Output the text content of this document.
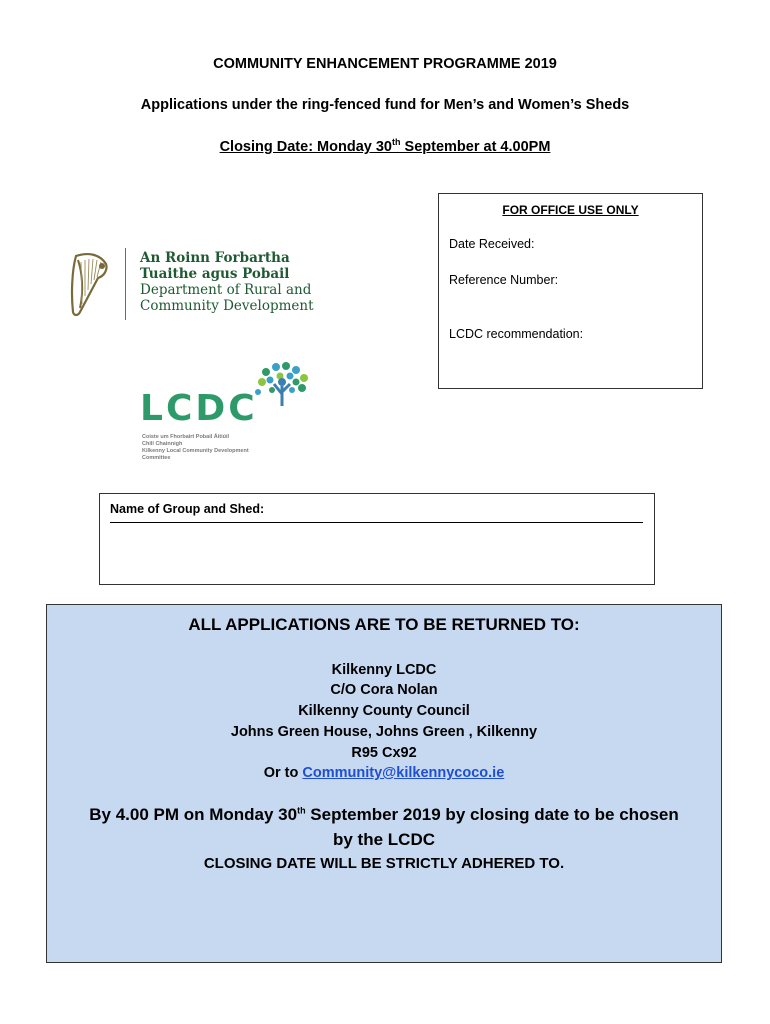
COMMUNITY ENHANCEMENT PROGRAMME 2019
Applications under the ring-fenced fund for Men’s and Women’s Sheds
Closing Date: Monday 30th September at 4.00PM
FOR OFFICE USE ONLY
Date Received:
Reference Number:
LCDC recommendation:
An Roinn Forbartha
Tuaithe agus Pobail
Department of Rural and
Community Development
LCDC
Coiste um Fhorbairt Pobail Áitiúil
Chill Chainnigh
Kilkenny Local Community Development
Committee
Name of Group and Shed:
ALL APPLICATIONS ARE TO BE RETURNED TO:
Kilkenny LCDC
C/O Cora Nolan
Kilkenny County Council
Johns Green House, Johns Green , Kilkenny
R95 Cx92
Or to Community@kilkennycoco.ie
By 4.00 PM on Monday 30th September 2019 by closing date to be chosen
by the LCDC
CLOSING DATE WILL BE STRICTLY ADHERED TO.
